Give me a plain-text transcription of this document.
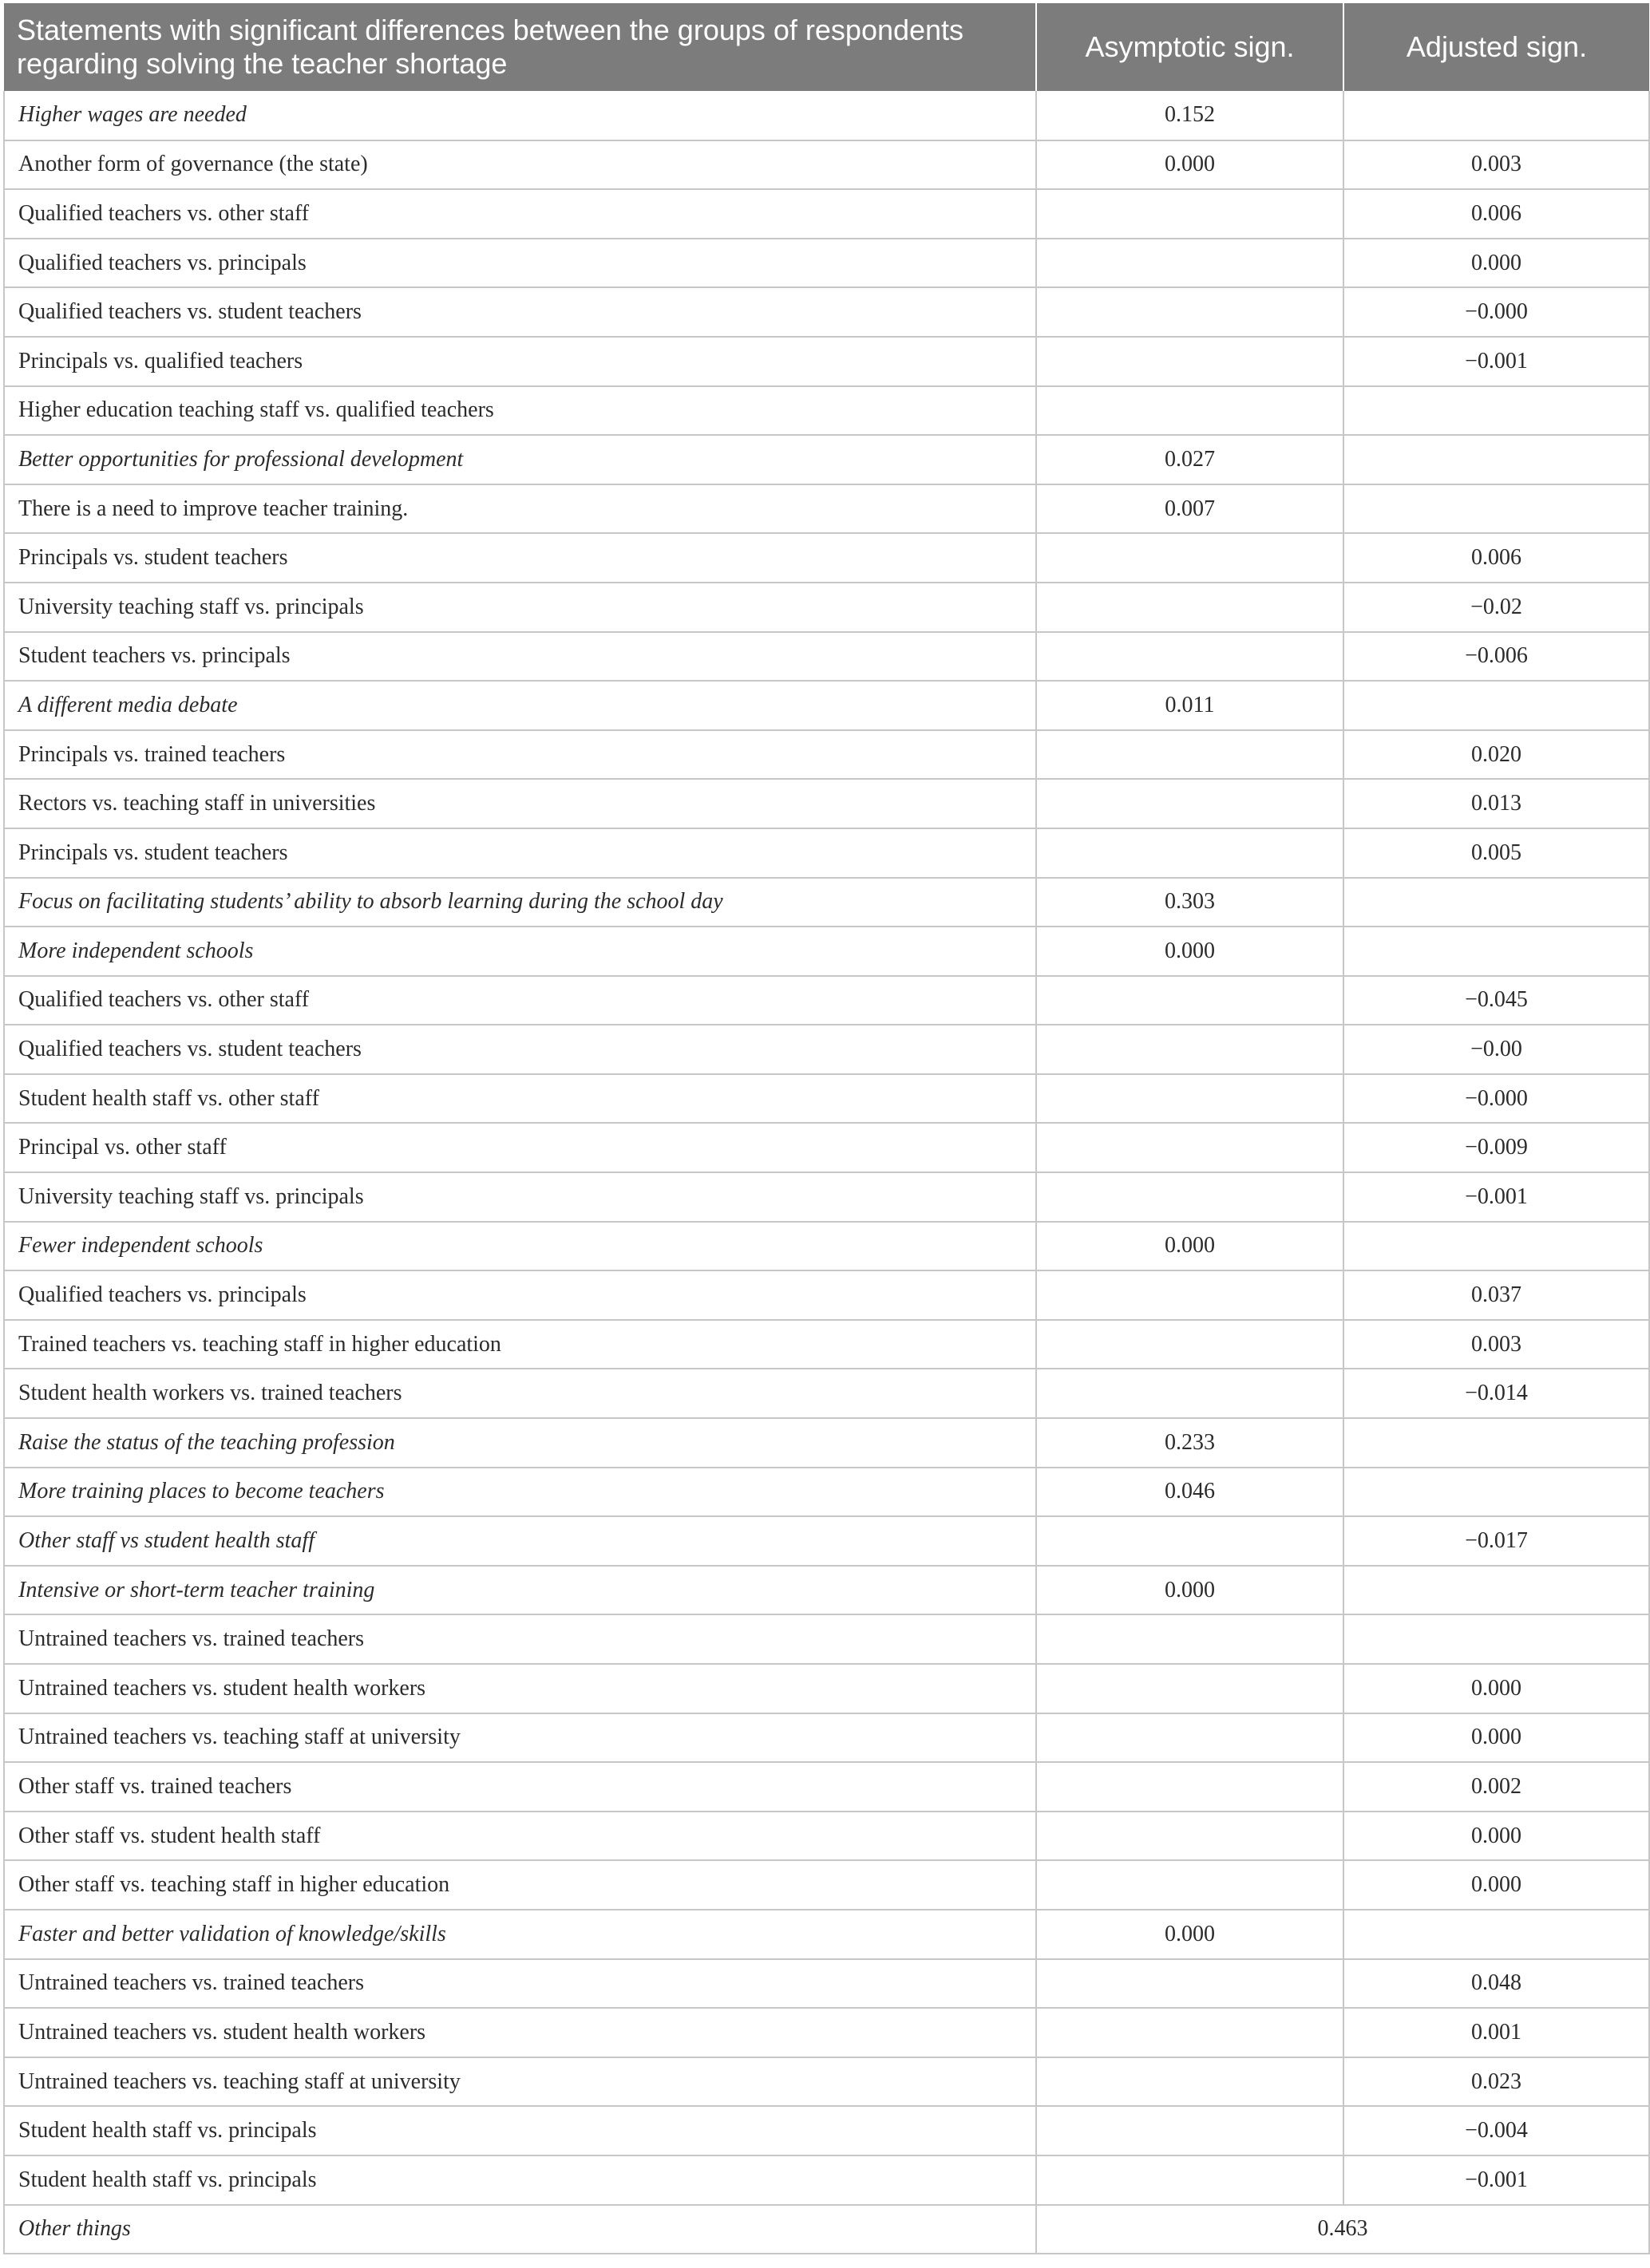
Statements with significant differences between the groups of respondents regarding solving the teacher shortage	Asymptotic sign.	Adjusted sign.
Higher wages are needed	0.152	
Another form of governance (the state)	0.000	0.003
Qualified teachers vs. other staff		0.006
Qualified teachers vs. principals		0.000
Qualified teachers vs. student teachers		−0.000
Principals vs. qualified teachers		−0.001
Higher education teaching staff vs. qualified teachers		
Better opportunities for professional development	0.027	
There is a need to improve teacher training.	0.007	
Principals vs. student teachers		0.006
University teaching staff vs. principals		−0.02
Student teachers vs. principals		−0.006
A different media debate	0.011	
Principals vs. trained teachers		0.020
Rectors vs. teaching staff in universities		0.013
Principals vs. student teachers		0.005
Focus on facilitating students’ ability to absorb learning during the school day	0.303	
More independent schools	0.000	
Qualified teachers vs. other staff		−0.045
Qualified teachers vs. student teachers		−0.00
Student health staff vs. other staff		−0.000
Principal vs. other staff		−0.009
University teaching staff vs. principals		−0.001
Fewer independent schools	0.000	
Qualified teachers vs. principals		0.037
Trained teachers vs. teaching staff in higher education		0.003
Student health workers vs. trained teachers		−0.014
Raise the status of the teaching profession	0.233	
More training places to become teachers	0.046	
Other staff vs student health staff		−0.017
Intensive or short-term teacher training	0.000	
Untrained teachers vs. trained teachers		
Untrained teachers vs. student health workers		0.000
Untrained teachers vs. teaching staff at university		0.000
Other staff vs. trained teachers		0.002
Other staff vs. student health staff		0.000
Other staff vs. teaching staff in higher education		0.000
Faster and better validation of knowledge/skills	0.000	
Untrained teachers vs. trained teachers		0.048
Untrained teachers vs. student health workers		0.001
Untrained teachers vs. teaching staff at university		0.023
Student health staff vs. principals		−0.004
Student health staff vs. principals		−0.001
Other things	0.463	
